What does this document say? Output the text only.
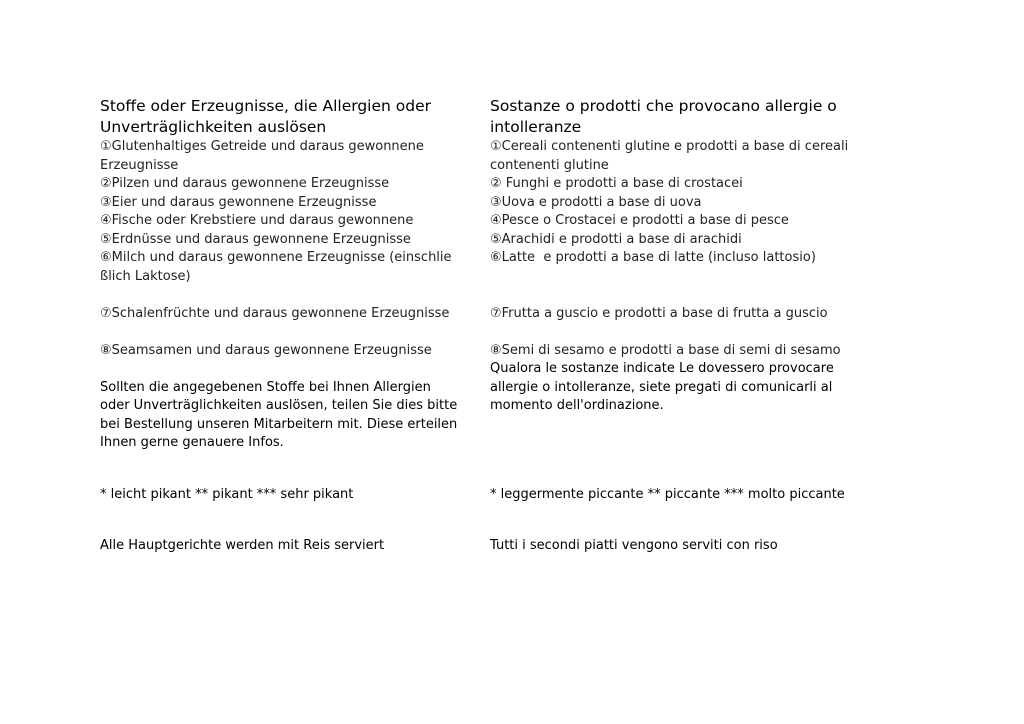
Stoffe oder Erzeugnisse, die Allergien oder
Unverträglichkeiten auslösen
①Glutenhaltiges Getreide und daraus gewonnene
Erzeugnisse
②Pilzen und daraus gewonnene Erzeugnisse
③Eier und daraus gewonnene Erzeugnisse
④Fische oder Krebstiere und daraus gewonnene
⑤Erdnüsse und daraus gewonnene Erzeugnisse
⑥Milch und daraus gewonnene Erzeugnisse (einschlie
ßlich Laktose)
⑦Schalenfrüchte und daraus gewonnene Erzeugnisse
⑧Seamsamen und daraus gewonnene Erzeugnisse

Sollten die angegebenen Stoffe bei Ihnen Allergien
oder Unverträglichkeiten auslösen, teilen Sie dies bitte
bei Bestellung unseren Mitarbeitern mit. Diese erteilen
Ihnen gerne genauere Infos.

Sostanze o prodotti che provocano allergie o
intolleranze
①Cereali contenenti glutine e prodotti a base di cereali
contenenti glutine
② Funghi e prodotti a base di crostacei
③Uova e prodotti a base di uova
④Pesce o Crostacei e prodotti a base di pesce
⑤Arachidi e prodotti a base di arachidi
⑥Latte  e prodotti a base di latte (incluso lattosio)
⑦Frutta a guscio e prodotti a base di frutta a guscio
⑧Semi di sesamo e prodotti a base di semi di sesamo

Qualora le sostanze indicate Le dovessero provocare
allergie o intolleranze, siete pregati di comunicarli al
momento dell'ordinazione.

* leicht pikant ** pikant *** sehr pikant	* leggermente piccante ** piccante *** molto piccante
Alle Hauptgerichte werden mit Reis serviert	Tutti i secondi piatti vengono serviti con riso
